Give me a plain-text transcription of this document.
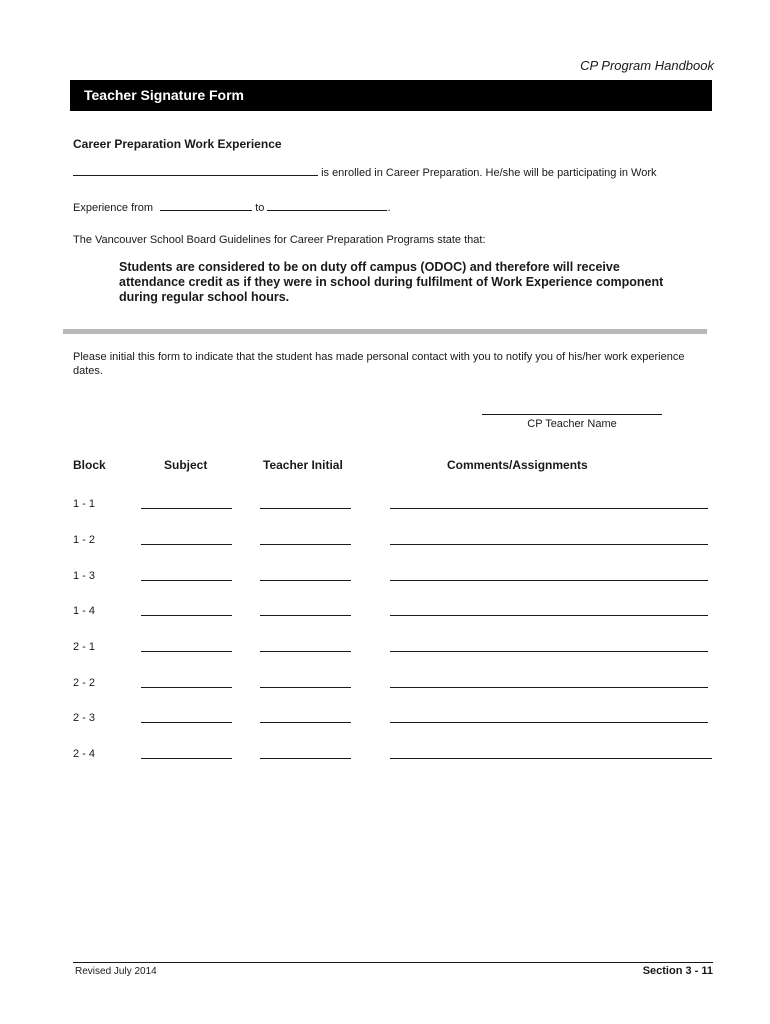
CP Program Handbook
Teacher Signature Form
Career Preparation Work Experience
is enrolled in Career Preparation. He/she will be participating in Work
Experience from	to	.
The Vancouver School Board Guidelines for Career Preparation Programs state that:
Students are considered to be on duty off campus (ODOC) and therefore will receive attendance credit as if they were in school during fulfilment of Work Experience component during regular school hours.
Please initial this form to indicate that the student has made personal contact with you to notify you of his/her work experience dates.
CP Teacher Name
Block	Subject	Teacher Initial	Comments/Assignments
1 - 1
1 - 2
1 - 3
1 - 4
2 - 1
2 - 2
2 - 3
2 - 4
Revised July 2014	Section 3 - 11
